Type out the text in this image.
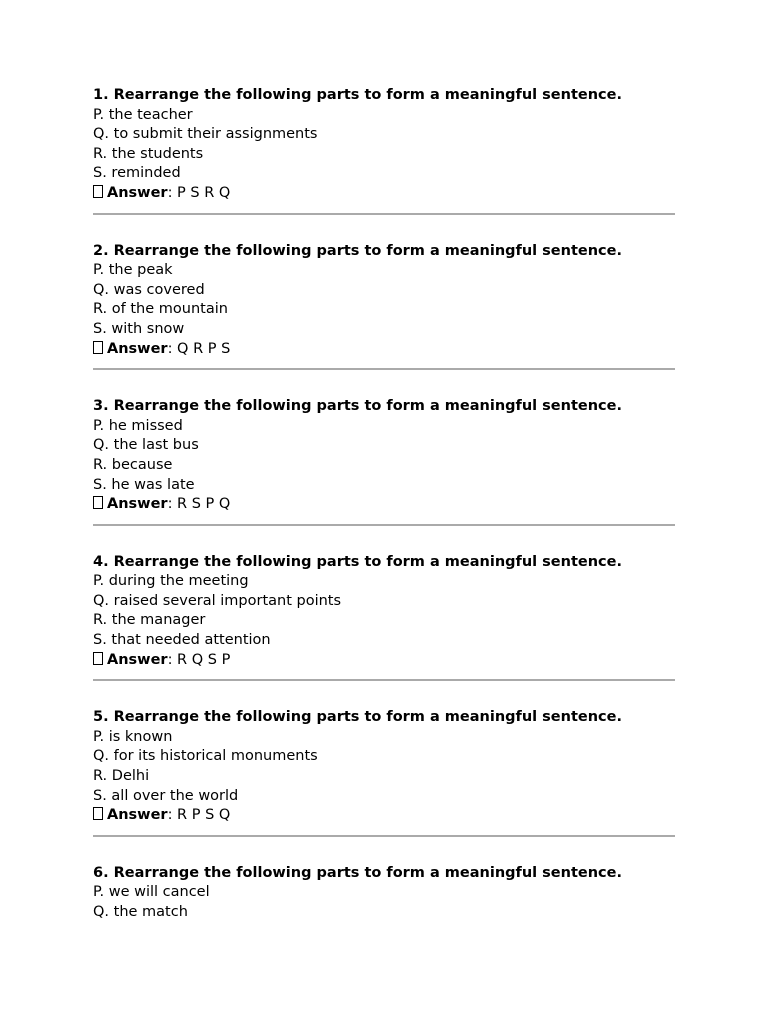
1. Rearrange the following parts to form a meaningful sentence.
P. the teacher
Q. to submit their assignments
R. the students
S. reminded
Answer: P S R Q
2. Rearrange the following parts to form a meaningful sentence.
P. the peak
Q. was covered
R. of the mountain
S. with snow
Answer: Q R P S
3. Rearrange the following parts to form a meaningful sentence.
P. he missed
Q. the last bus
R. because
S. he was late
Answer: R S P Q
4. Rearrange the following parts to form a meaningful sentence.
P. during the meeting
Q. raised several important points
R. the manager
S. that needed attention
Answer: R Q S P
5. Rearrange the following parts to form a meaningful sentence.
P. is known
Q. for its historical monuments
R. Delhi
S. all over the world
Answer: R P S Q
6. Rearrange the following parts to form a meaningful sentence.
P. we will cancel
Q. the match
